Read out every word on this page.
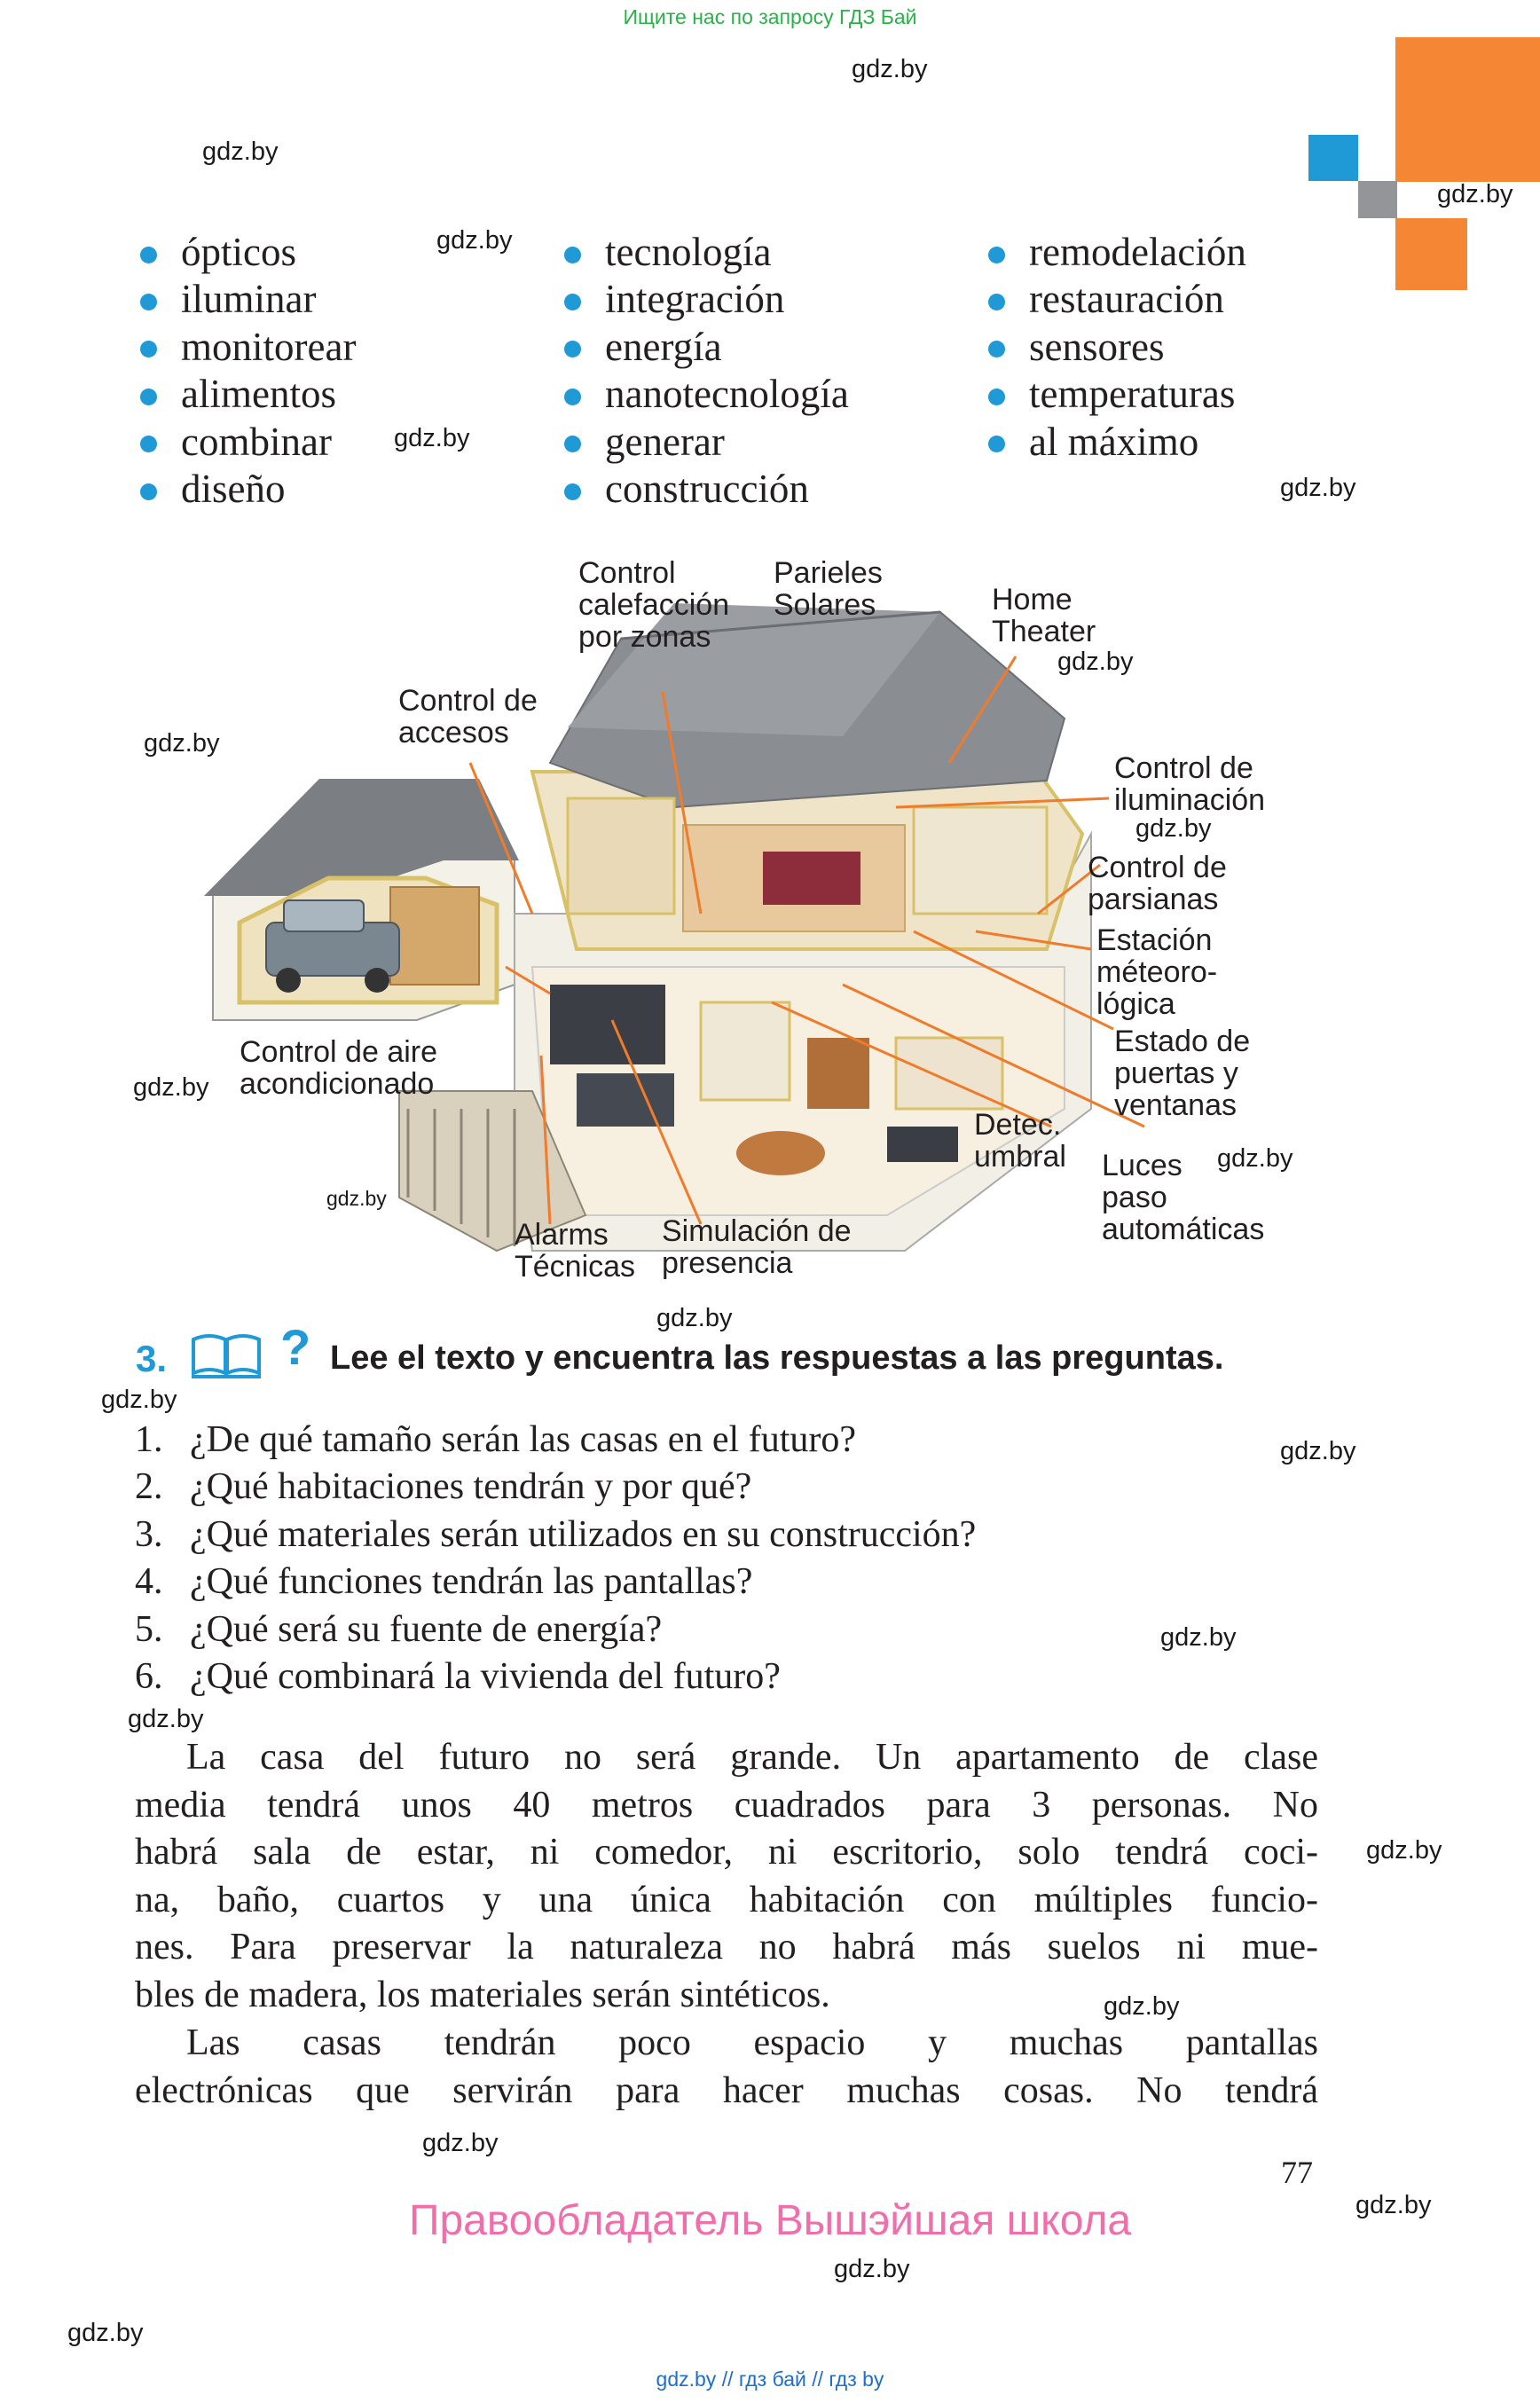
Ищите нас по запросу ГДЗ Бай
gdz.by
gdz.by
gdz.by
gdz.by
gdz.by
gdz.by
gdz.by
gdz.by
gdz.by
gdz.by
gdz.by
gdz.by
gdz.by
gdz.by
gdz.by
gdz.by
gdz.by
gdz.by
gdz.by
gdz.by
gdz.by
gdz.by
gdz.by
ópticos
iluminar
monitorear
alimentos
combinar
diseño
tecnología
integración
energía
nanotecnología
generar
construcción
remodelación
restauración
sensores
temperaturas
al máximo
Control
calefacción
por zonas
Parieles
Solares	Home
Theater
Control de
accesos
Control de
iluminación
Control de
parsianas
Estación
méteoro-
lógica
Control de aire
acondicionado
Estado de
puertas y
ventanas
Detec.
umbral Luces
paso
automáticas
Alarms
Técnicas
Simulación de
presencia
3. ? Lee el texto y encuentra las respuestas a las preguntas.
1. ¿De qué tamaño serán las casas en el futuro?
2. ¿Qué habitaciones tendrán y por qué?
3. ¿Qué materiales serán utilizados en su construcción?
4. ¿Qué funciones tendrán las pantallas?
5. ¿Qué será su fuente de energía?
6. ¿Qué combinará la vivienda del futuro?
La casa del futuro no será grande. Un apartamento de clase
media tendrá unos 40 metros cuadrados para 3 personas. No
habrá sala de estar, ni comedor, ni escritorio, solo tendrá coci-
na, baño, cuartos y una única habitación con múltiples funcio-
nes. Para preservar la naturaleza no habrá más suelos ni mue-
bles de madera, los materiales serán sintéticos.
Las casas tendrán poco espacio y muchas pantallas
electrónicas que servirán para hacer muchas cosas. No tendrá
77
Правообладатель Вышэйшая школа
gdz.by // гдз бай // гдз by
